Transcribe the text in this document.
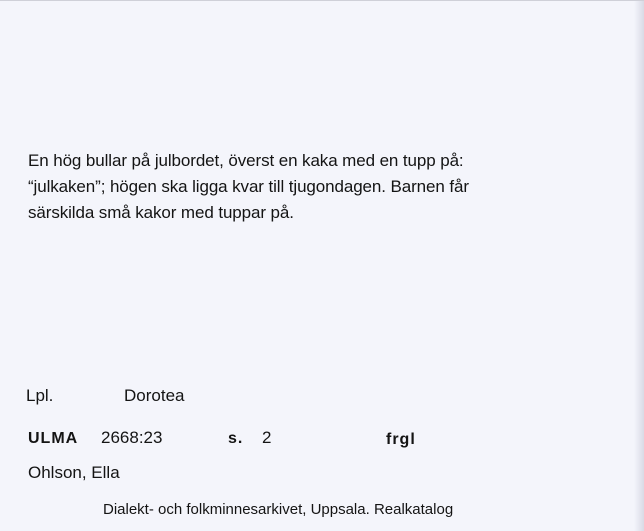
En hög bullar på julbordet, överst en kaka med en tupp på:
“julkaken”; högen ska ligga kvar till tjugondagen. Barnen får
särskilda små kakor med tuppar på.
Lpl.	Dorotea
ULMA 2668:23	s. 2	frgl
Ohlson, Ella
Dialekt- och folkminnesarkivet, Uppsala. Realkatalog
